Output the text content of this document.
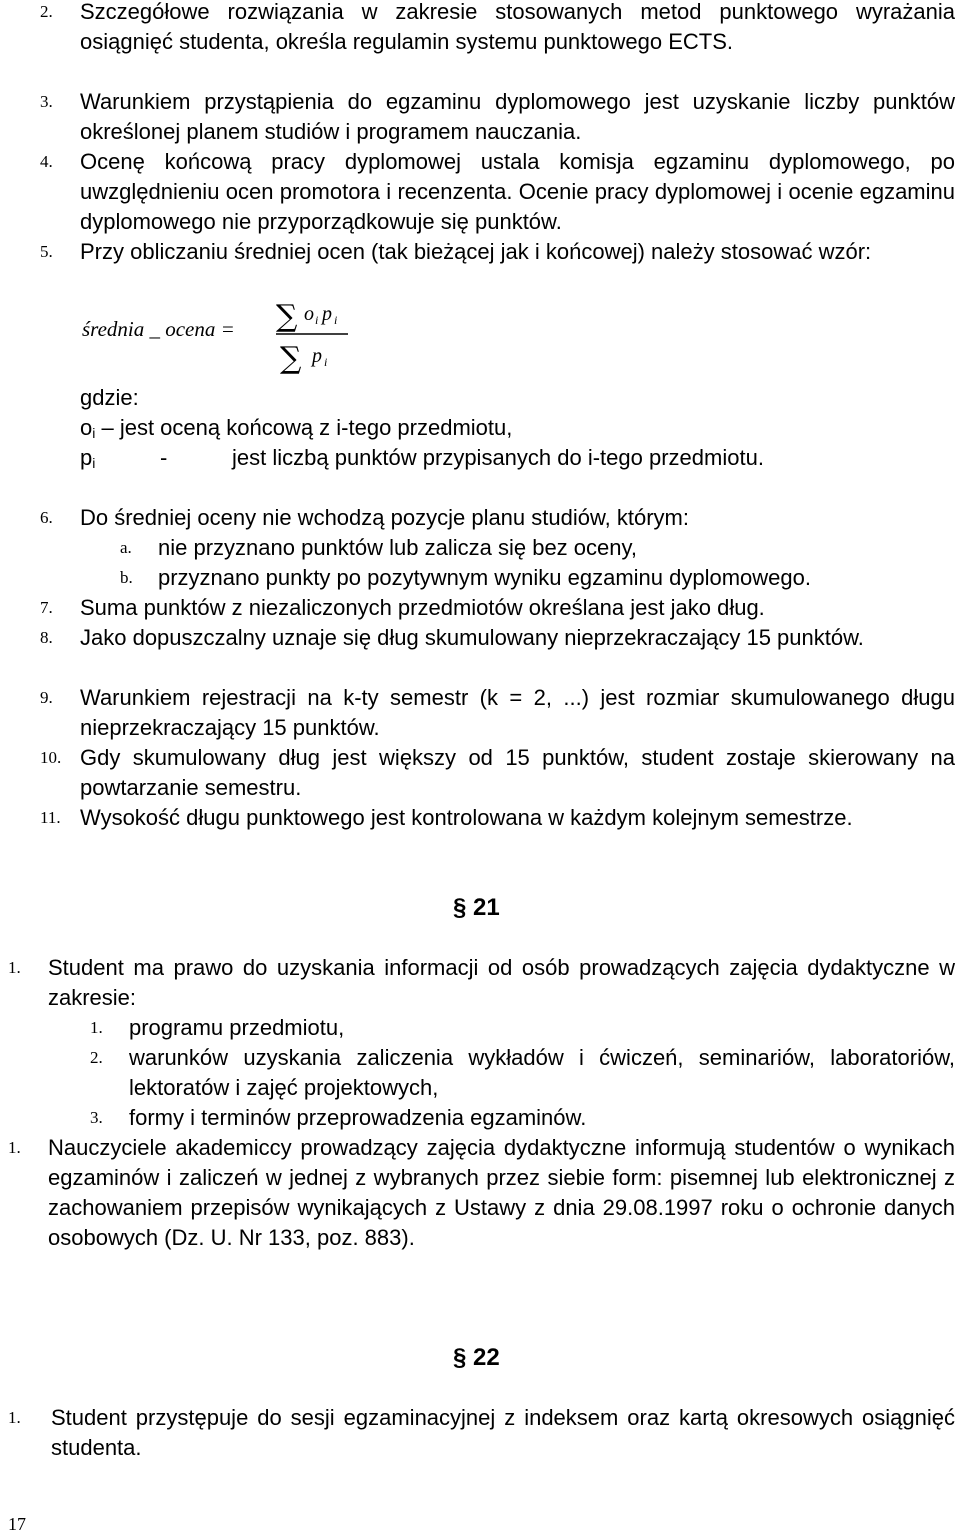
2. Szczegółowe rozwiązania w zakresie stosowanych metod punktowego wyrażania osiągnięć studenta, określa regulamin systemu punktowego ECTS.
3. Warunkiem przystąpienia do egzaminu dyplomowego jest uzyskanie liczby punktów określonej planem studiów i programem nauczania.
4. Ocenę końcową pracy dyplomowej ustala komisja egzaminu dyplomowego, po uwzględnieniu ocen promotora i recenzenta. Ocenie pracy dyplomowej i ocenie egzaminu dyplomowego nie przyporządkowuje się punktów.
5. Przy obliczaniu średniej ocen (tak bieżącej jak i końcowej) należy stosować wzór:
średnia _ ocena = ∑ o i p i
∑ p i
gdzie:
$o_i$ – jest oceną końcową z i-tego przedmiotu,
$p_i$	-	jest liczbą punktów przypisanych do i-tego przedmiotu.
6. Do średniej oceny nie wchodzą pozycje planu studiów, którym:
a. nie przyznano punktów lub zalicza się bez oceny,
b. przyznano punkty po pozytywnym wyniku egzaminu dyplomowego.
7. Suma punktów z niezaliczonych przedmiotów określana jest jako dług.
8. Jako dopuszczalny uznaje się dług skumulowany nieprzekraczający 15 punktów.
9. Warunkiem rejestracji na k-ty semestr (k = 2, ...) jest rozmiar skumulowanego długu nieprzekraczający 15 punktów.
10. Gdy skumulowany dług jest większy od 15 punktów, student zostaje skierowany na powtarzanie semestru.
11. Wysokość długu punktowego jest kontrolowana w każdym kolejnym semestrze.
§ 21
1. Student ma prawo do uzyskania informacji od osób prowadzących zajęcia dydaktyczne w zakresie:
1. programu przedmiotu,
2. warunków uzyskania zaliczenia wykładów i ćwiczeń, seminariów, laboratoriów, lektoratów i zajęć projektowych,
3. formy i terminów przeprowadzenia egzaminów.
1. Nauczyciele akademiccy prowadzący zajęcia dydaktyczne informują studentów o wynikach egzaminów i zaliczeń w jednej z wybranych przez siebie form: pisemnej lub elektronicznej z zachowaniem przepisów wynikających z Ustawy z dnia 29.08.1997 roku o ochronie danych osobowych (Dz. U. Nr 133, poz. 883).
§ 22
1. Student przystępuje do sesji egzaminacyjnej z indeksem oraz kartą okresowych osiągnięć studenta.
17
